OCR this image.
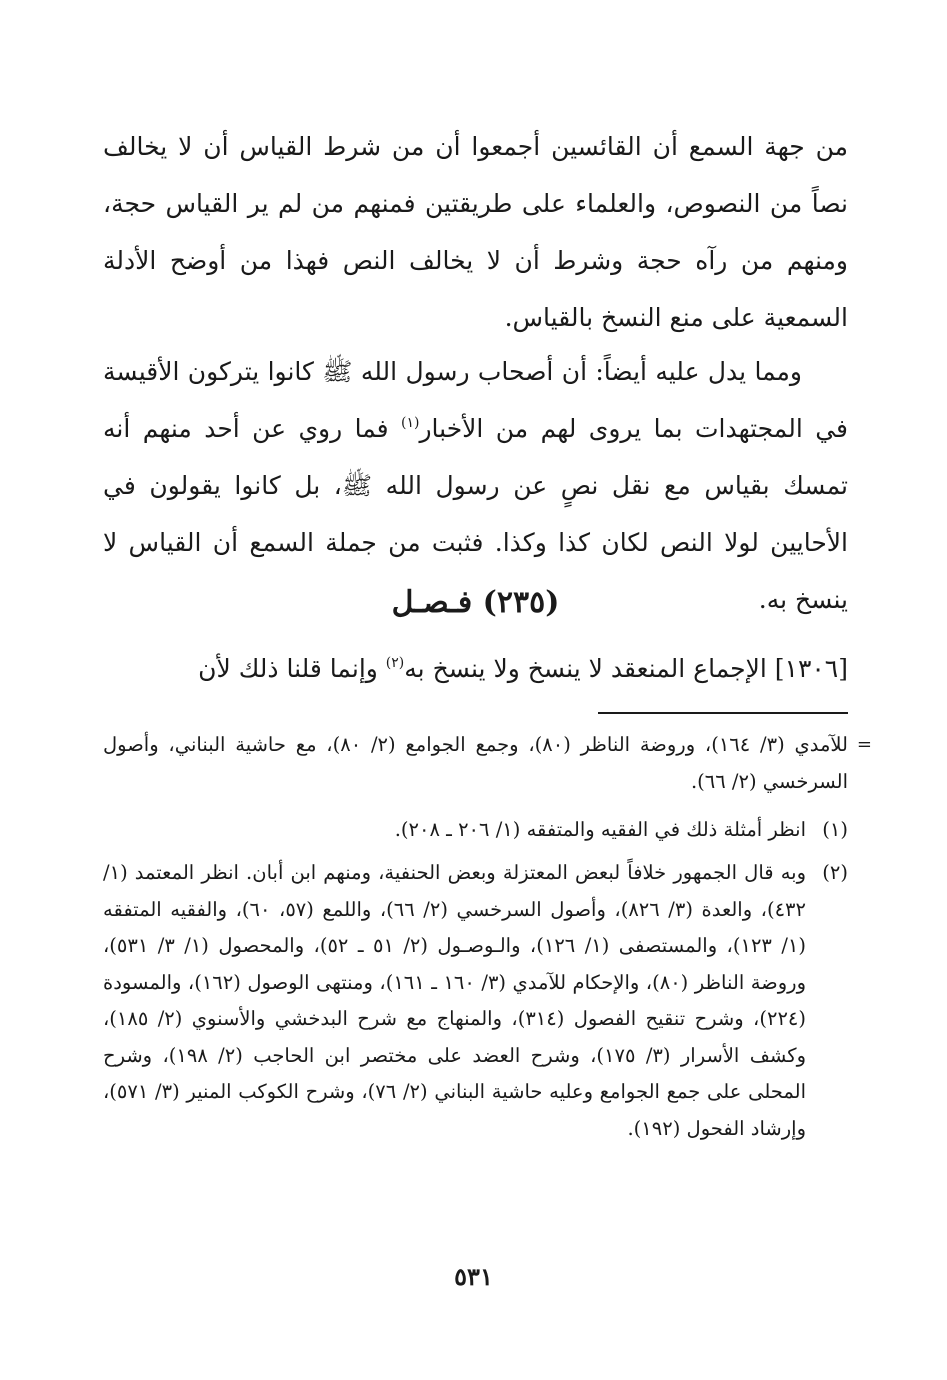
من جهة السمع أن القائسين أجمعوا أن من شرط القياس أن لا يخالف نصاً من النصوص، والعلماء على طريقتين فمنهم من لم ير القياس حجة، ومنهم من رآه حجة وشرط أن لا يخالف النص فهذا من أوضح الأدلة السمعية على منع النسخ بالقياس.

ومما يدل عليه أيضاً: أن أصحاب رسول الله ﷺ كانوا يتركون الأقيسة في المجتهدات بما يروى لهم من الأخبار$^{(١)}$ فما روي عن أحد منهم أنه تمسك بقياس مع نقل نصٍ عن رسول الله ﷺ، بل كانوا يقولون في الأحايين لولا النص لكان كذا وكذا. فثبت من جملة السمع أن القياس لا ينسخ به.

(٢٣٥) فـصـل

[١٣٠٦] الإجماع المنعقد لا ينسخ ولا ينسخ به$^{(٢)}$ وإنما قلنا ذلك لأن

=
للآمدي (٣/ ١٦٤)، وروضة الناظر (٨٠)، وجمع الجوامع (٢/ ٨٠)، مع حاشية البناني، وأصول السرخسي (٢/ ٦٦).
(١)
انظر أمثلة ذلك في الفقيه والمتفقه (١/ ٢٠٦ ـ ٢٠٨).
(٢)
وبه قال الجمهور خلافاً لبعض المعتزلة وبعض الحنفية، ومنهم ابن أبان. انظر المعتمد (١/ ٤٣٢)، والعدة (٣/ ٨٢٦)، وأصول السرخسي (٢/ ٦٦)، واللمع (٥٧، ٦٠)، والفقيه المتفقه (١/ ١٢٣)، والمستصفى (١/ ١٢٦)، والـوصـول (٢/ ٥١ ـ ٥٢)، والمحصول (١/ ٣/ ٥٣١)، وروضة الناظر (٨٠)، والإحكام للآمدي (٣/ ١٦٠ ـ ١٦١)، ومنتهى الوصول (١٦٢)، والمسودة (٢٢٤)، وشرح تنقيح الفصول (٣١٤)، والمنهاج مع شرح البدخشي والأسنوي (٢/ ١٨٥)، وكشف الأسرار (٣/ ١٧٥)، وشرح العضد على مختصر ابن الحاجب (٢/ ١٩٨)، وشرح المحلى على جمع الجوامع وعليه حاشية البناني (٢/ ٧٦)، وشرح الكوكب المنير (٣/ ٥٧١)، وإرشاد الفحول (١٩٢).
٥٣١
